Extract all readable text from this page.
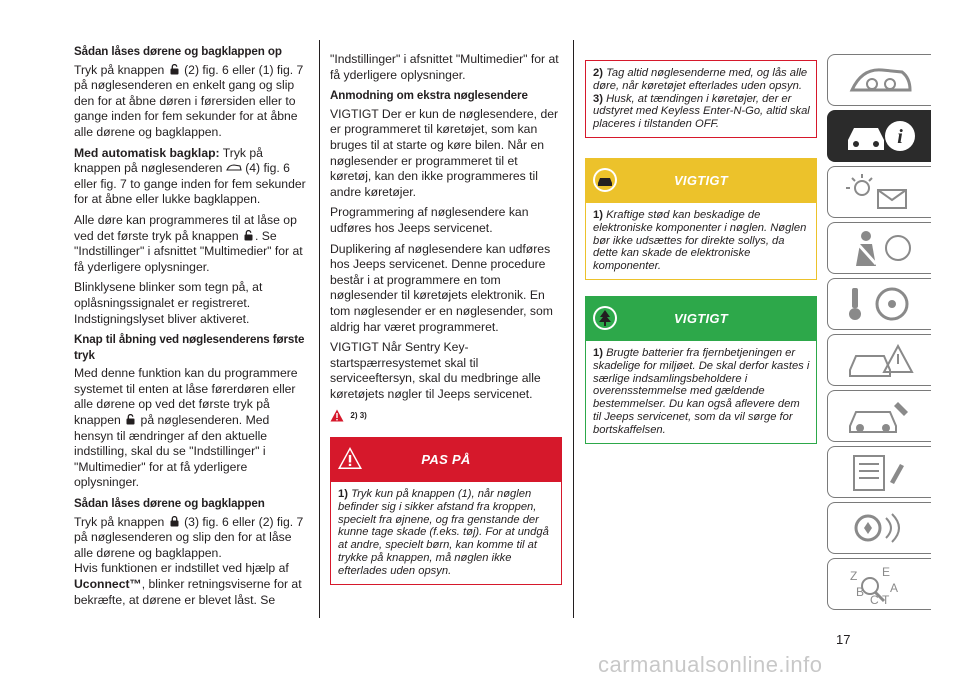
Sådan låses dørene og bagklappen op

Tryk på knappen (2) fig. 6 eller (1) fig. 7 på nøglesenderen en enkelt gang og slip den for at åbne døren i førersiden eller to gange inden for fem sekunder for at åbne alle dørene og bagklappen.

Med automatisk bagklap: Tryk på knappen på nøglesenderen (4) fig. 6 eller fig. 7 to gange inden for fem sekunder for at åbne eller lukke bagklappen.

Alle døre kan programmeres til at låse op ved det første tryk på knappen . Se "Indstillinger" i afsnittet "Multimedier" for at få yderligere oplysninger.

Blinklysene blinker som tegn på, at oplåsningssignalet er registreret.

Indstigningslyset bliver aktiveret.

Knap til åbning ved nøglesenderens første tryk

Med denne funktion kan du programmere systemet til enten at låse førerdøren eller alle dørene op ved det første tryk på knappen på nøglesenderen. Med hensyn til ændringer af den aktuelle indstilling, skal du se "Indstillinger" i "Multimedier" for at få yderligere oplysninger.

Sådan låses dørene og bagklappen

Tryk på knappen (3) fig. 6 eller (2) fig. 7 på nøglesenderen og slip den for at låse alle dørene og bagklappen.

Hvis funktionen er indstillet ved hjælp af Uconnect™, blinker retningsviserne for at bekræfte, at dørene er blevet låst. Se

"Indstillinger" i afsnittet "Multimedier" for at få yderligere oplysninger.

Anmodning om ekstra nøglesendere

VIGTIGT Der er kun de nøglesendere, der er programmeret til køretøjet, som kan bruges til at starte og køre bilen. Når en nøglesender er programmeret til et køretøj, kan den ikke programmeres til andre køretøjer.

Programmering af nøglesendere kan udføres hos Jeeps servicenet.

Duplikering af nøglesendere kan udføres hos Jeeps servicenet. Denne procedure består i at programmere en tom nøglesender til køretøjets elektronik. En tom nøglesender er en nøglesender, som aldrig har været programmeret.

VIGTIGT Når Sentry Key-startspærresystemet skal til serviceeftersyn, skal du medbringe alle køretøjets nøgler til Jeeps servicenet.

$^{2) 3)}$
PAS PÅ
1) Tryk kun på knappen (1), når nøglen befinder sig i sikker afstand fra kroppen, specielt fra øjnene, og fra genstande der kunne tage skade (f.eks. tøj). For at undgå at andre, specielt børn, kan komme til at trykke på knappen, må nøglen ikke efterlades uden opsyn.
2) Tag altid nøglesenderne med, og lås alle døre, når køretøjet efterlades uden opsyn.
3) Husk, at tændingen i køretøjer, der er udstyret med Keyless Enter-N-Go, altid skal placeres i tilstanden OFF.
VIGTIGT
1) Kraftige stød kan beskadige de elektroniske komponenter i nøglen. Nøglen bør ikke udsættes for direkte sollys, da dette kan skade de elektroniske komponenter.
VIGTIGT
1) Brugte batterier fra fjernbetjeningen er skadelige for miljøet. De skal derfor kastes i særlige indsamlingsbeholdere i overensstemmelse med gældende bestemmelser. Du kan også aflevere dem til Jeeps servicenet, som da vil sørge for bortskaffelsen.
i
Z E
B A
C T
17
carmanualsonline.info
